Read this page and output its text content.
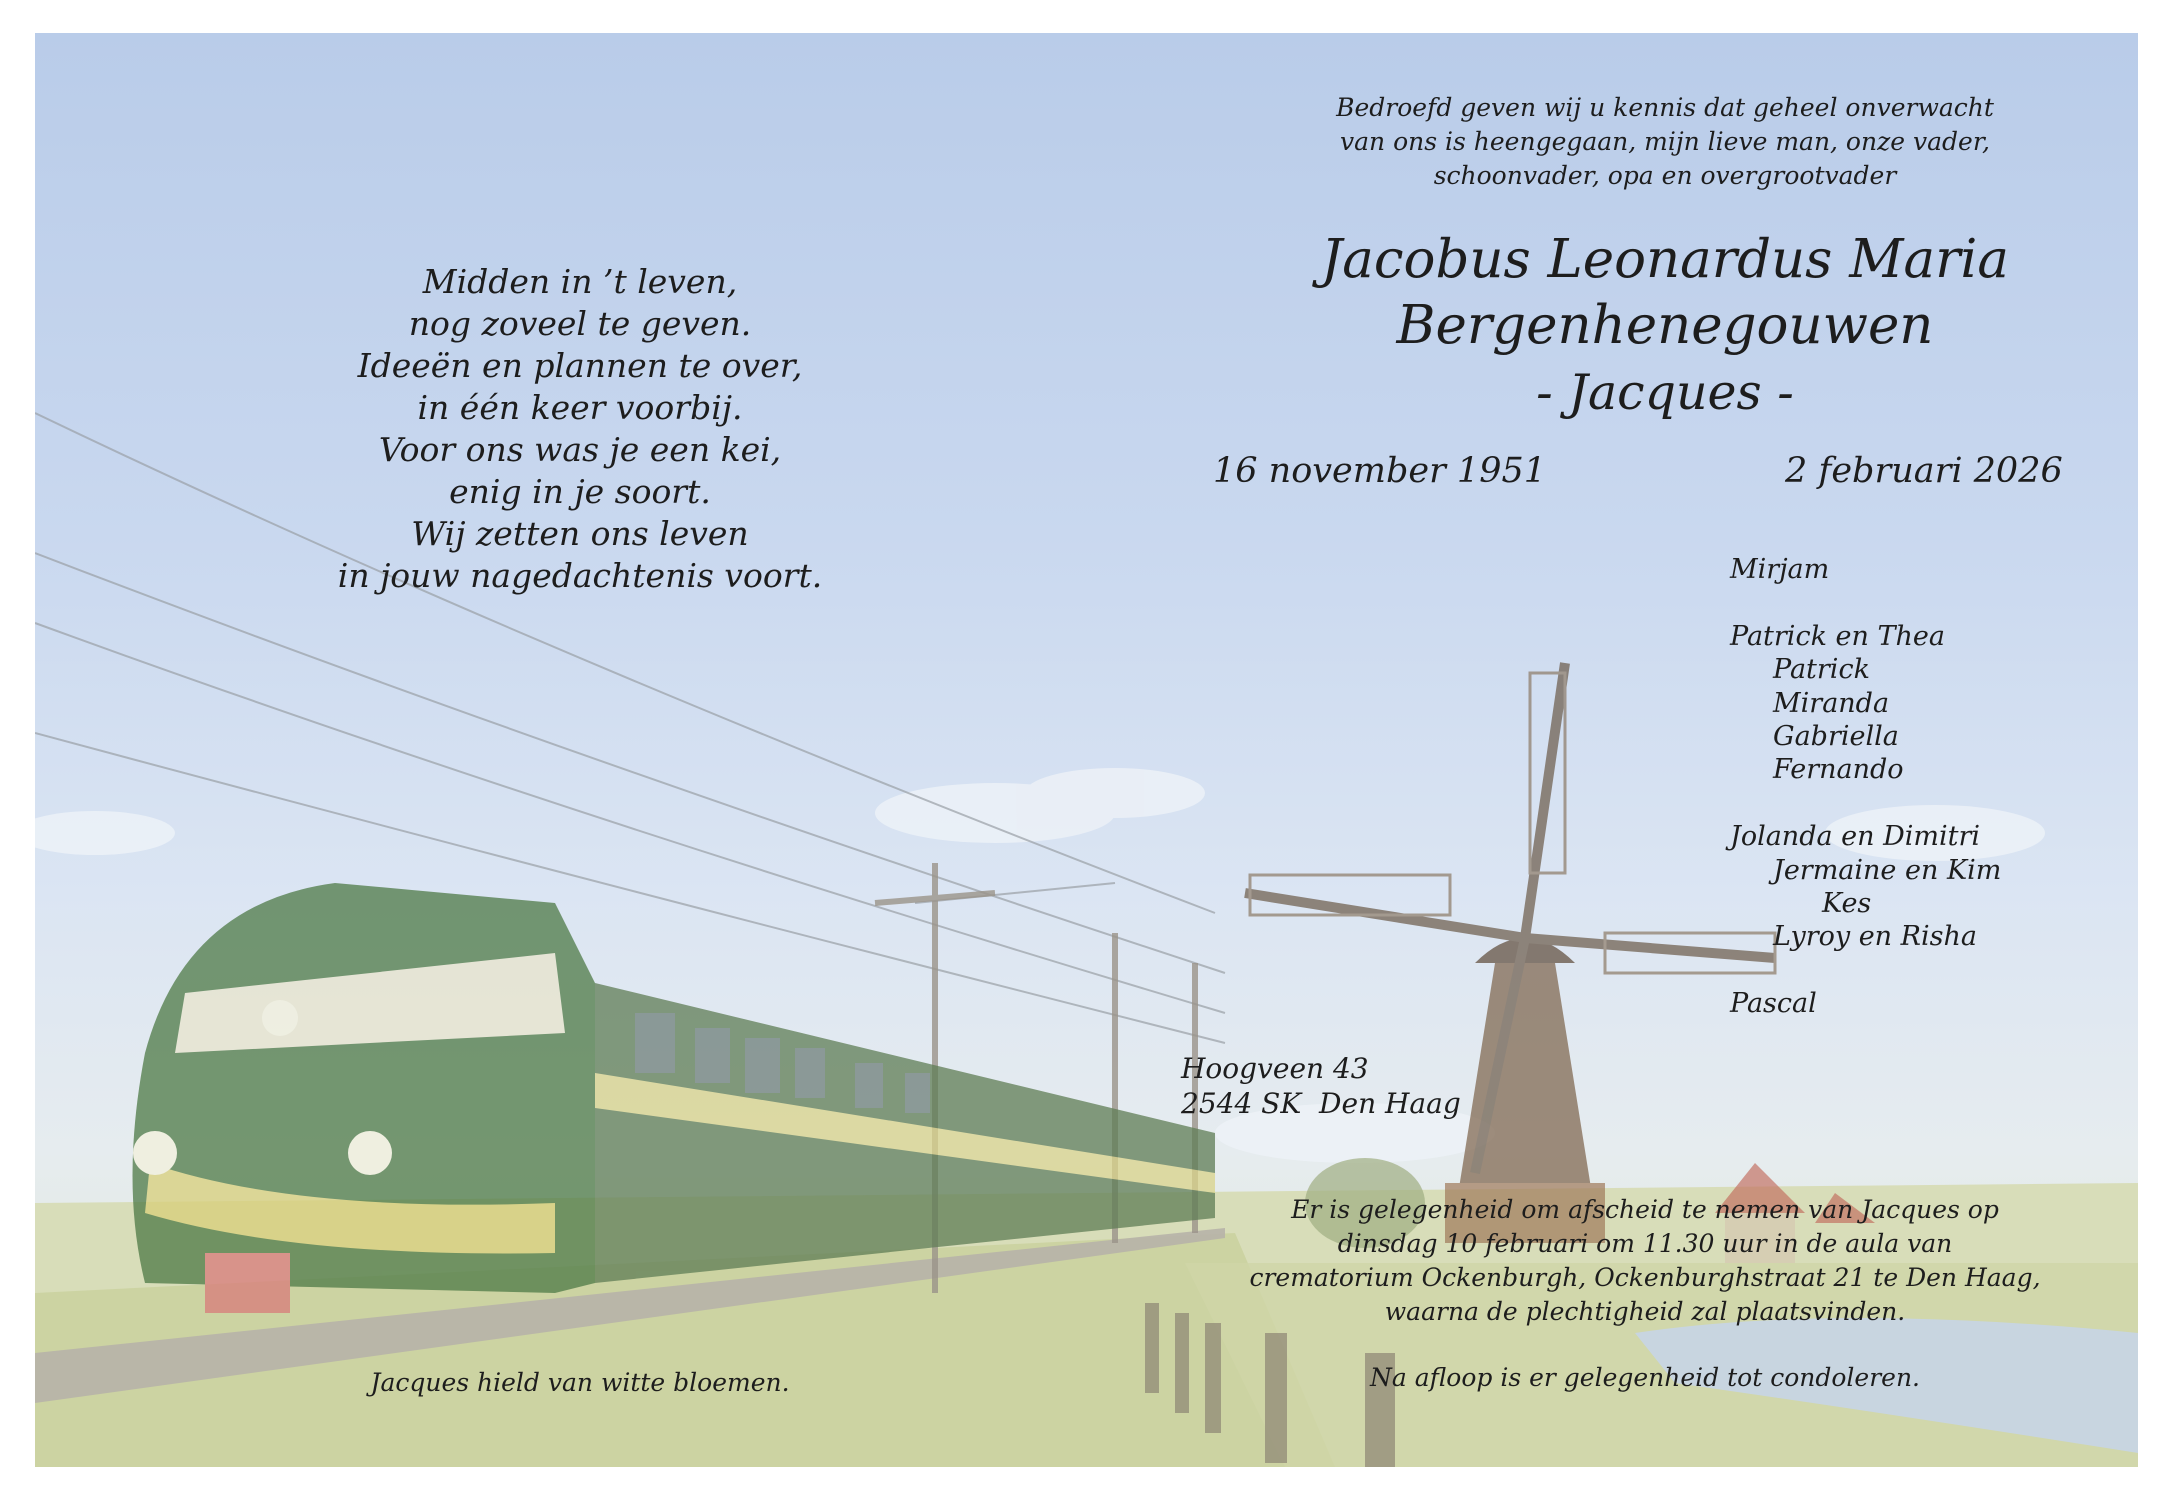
Midden in ’t leven,
nog zoveel te geven.
Ideeën en plannen te over,
in één keer voorbij.
Voor ons was je een kei,
enig in je soort.
Wij zetten ons leven
in jouw nagedachtenis voort.
Jacques hield van witte bloemen.
Bedroefd geven wij u kennis dat geheel onverwacht
van ons is heengegaan, mijn lieve man, onze vader,
schoonvader, opa en overgrootvader
Jacobus Leonardus Maria
Bergenhenegouwen
- Jacques -
16 november 1951	2 februari 2026
Mirjam
Patrick en Thea
Patrick
Miranda
Gabriella
Fernando
Jolanda en Dimitri
Jermaine en Kim
Kes
Lyroy en Risha
Pascal
Hoogveen 43
2544 SK  Den Haag
Er is gelegenheid om afscheid te nemen van Jacques op
dinsdag 10 februari om 11.30 uur in de aula van
crematorium Ockenburgh, Ockenburghstraat 21 te Den Haag,
waarna de plechtigheid zal plaatsvinden.
Na afloop is er gelegenheid tot condoleren.
